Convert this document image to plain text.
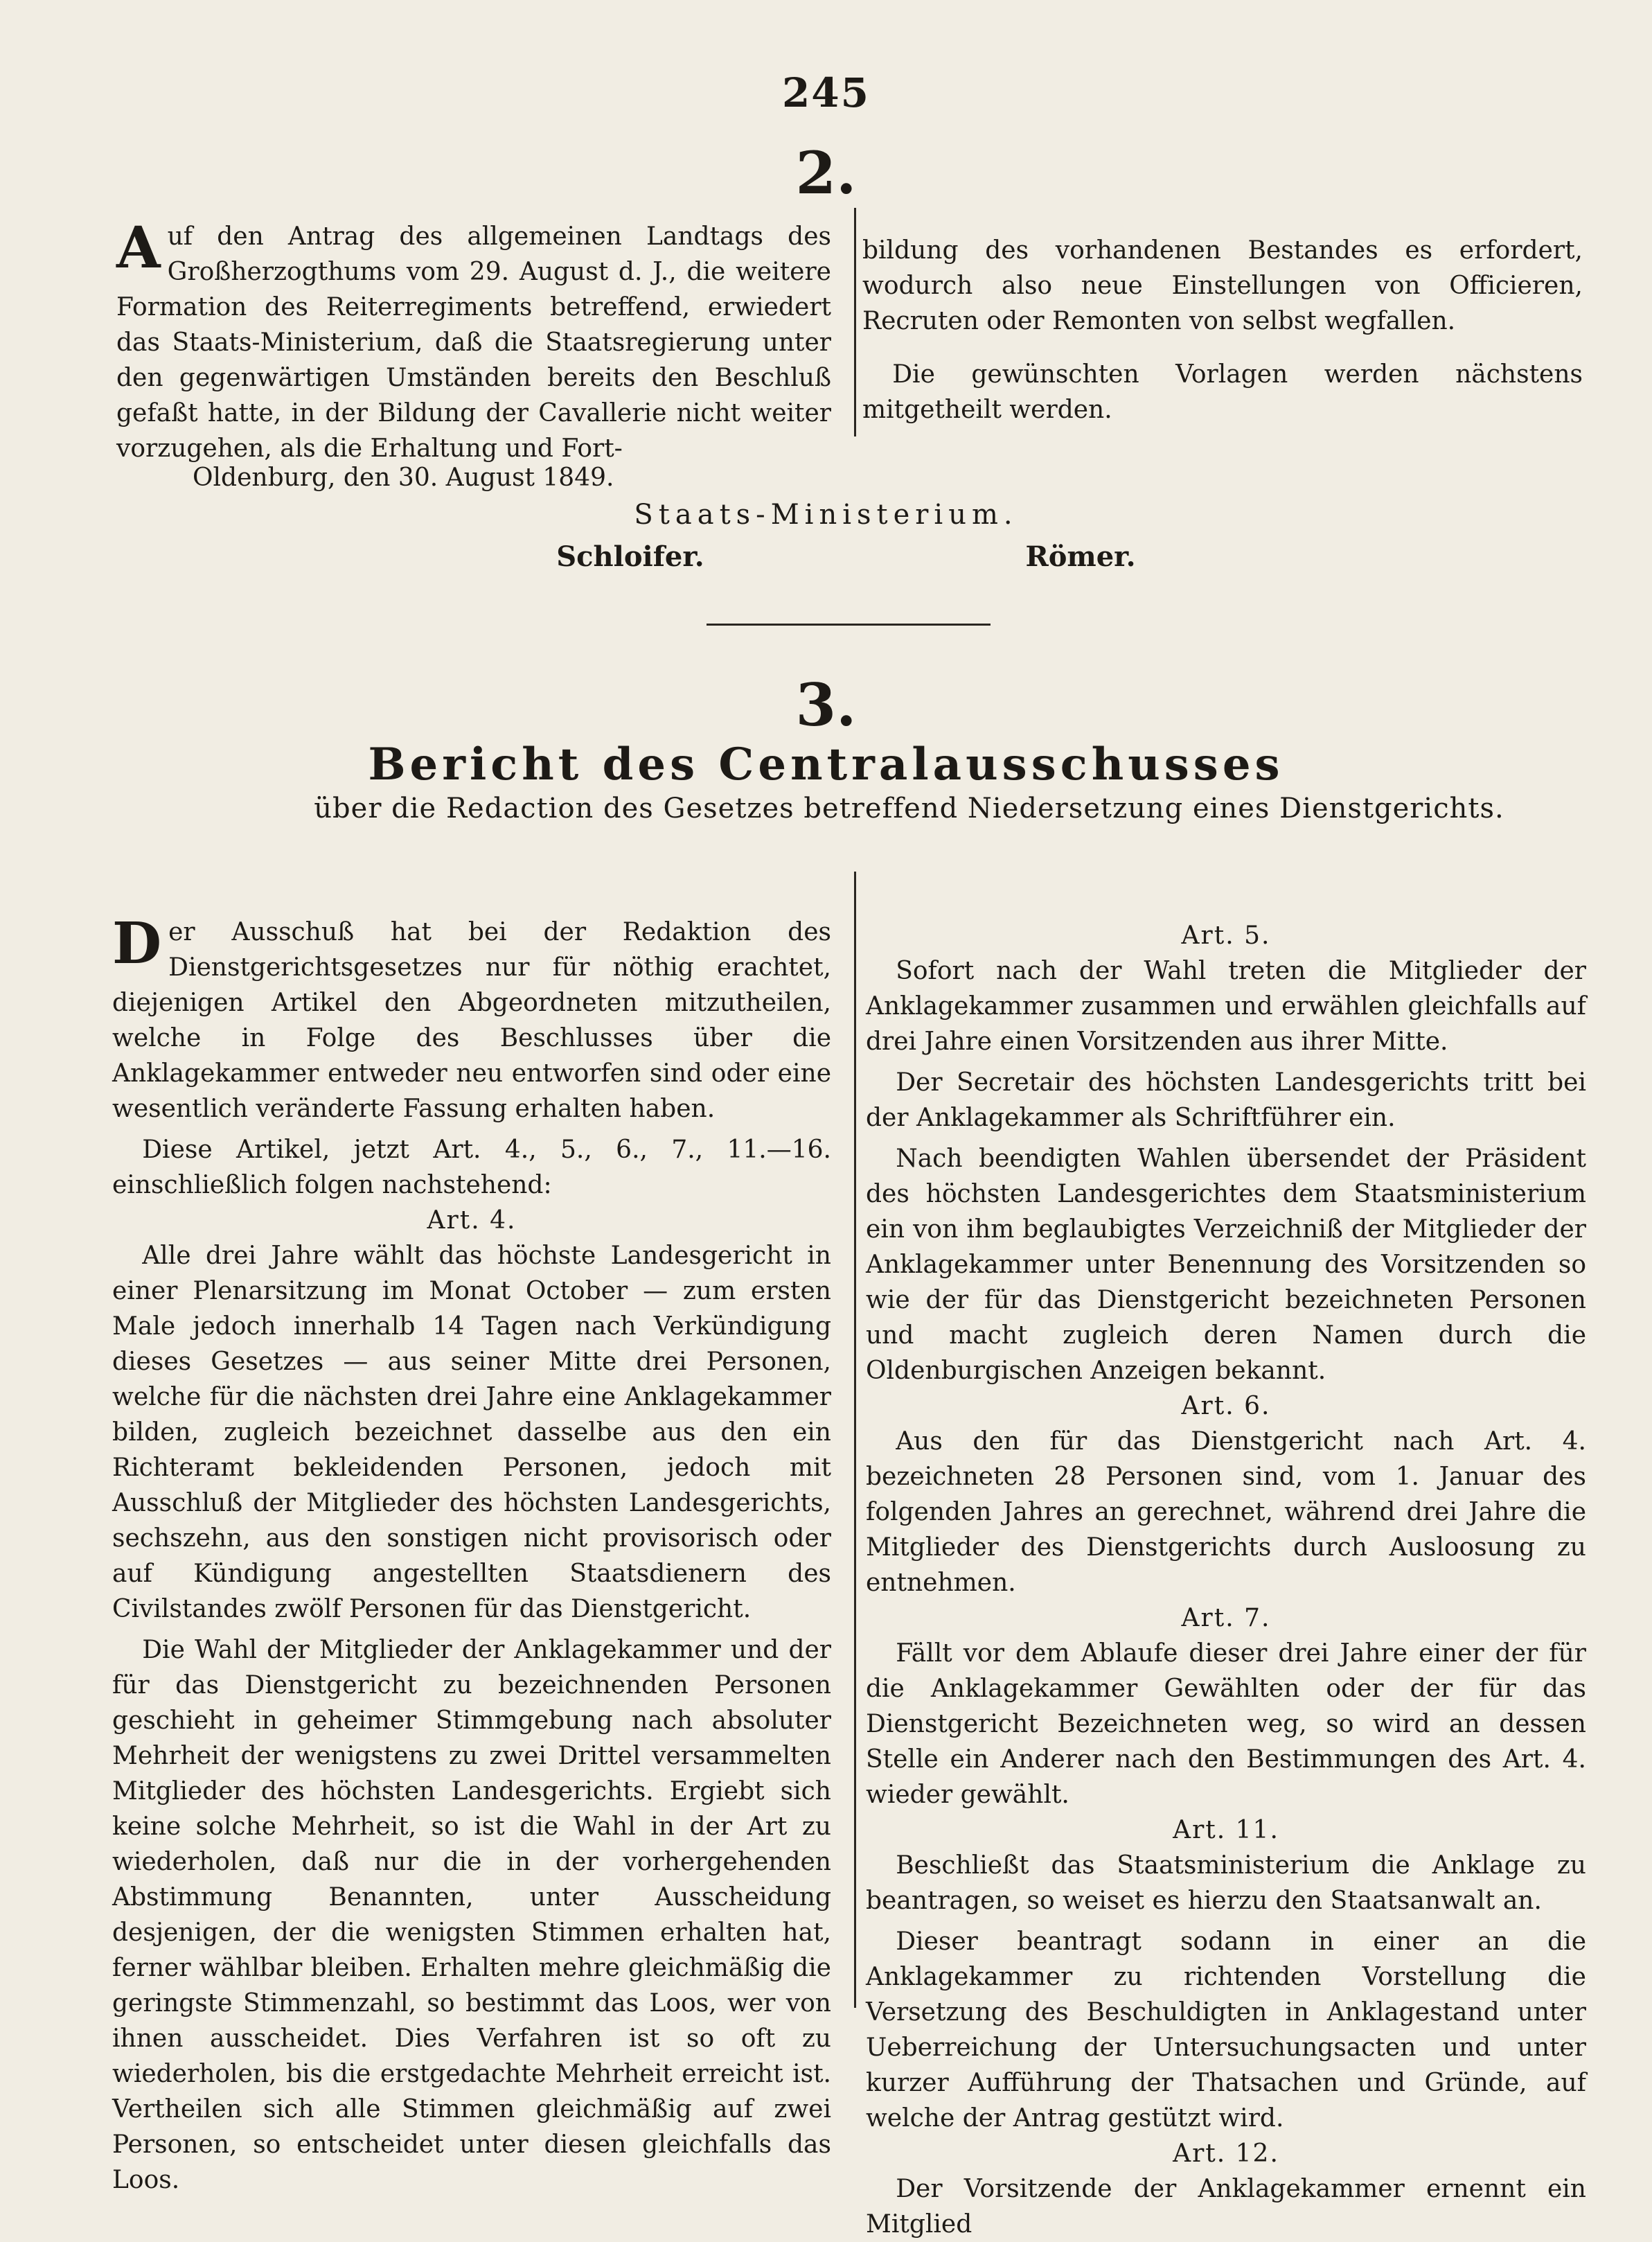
245
2.

Auf den Antrag des allgemeinen Landtags des Großherzogthums vom 29. August d. J., die weitere Formation des Reiterregiments betreffend, erwiedert das Staats-Ministerium, daß die Staatsregierung unter den gegenwärtigen Umständen bereits den Beschluß gefaßt hatte, in der Bildung der Cavallerie nicht weiter vorzugehen, als die Erhaltung und Fort-

bildung des vorhandenen Bestandes es erfordert, wodurch also neue Einstellungen von Officieren, Recruten oder Remonten von selbst wegfallen.

Die gewünschten Vorlagen werden nächstens mitgetheilt werden.

Oldenburg, den 30. August 1849.

Staats-Ministerium.
Schloifer.	Römer.
3.
Bericht des Centralausschusses
über die Redaction des Gesetzes betreffend Niedersetzung eines Dienstgerichts.

Der Ausschuß hat bei der Redaktion des Dienstgerichtsgesetzes nur für nöthig erachtet, diejenigen Artikel den Abgeordneten mitzutheilen, welche in Folge des Beschlusses über die Anklagekammer entweder neu entworfen sind oder eine wesentlich veränderte Fassung erhalten haben.

Diese Artikel, jetzt Art. 4., 5., 6., 7., 11.—16. einschließlich folgen nachstehend:

Art. 4.

Alle drei Jahre wählt das höchste Landesgericht in einer Plenarsitzung im Monat October — zum ersten Male jedoch innerhalb 14 Tagen nach Verkündigung dieses Gesetzes — aus seiner Mitte drei Personen, welche für die nächsten drei Jahre eine Anklagekammer bilden, zugleich bezeichnet dasselbe aus den ein Richteramt bekleidenden Personen, jedoch mit Ausschluß der Mitglieder des höchsten Landesgerichts, sechszehn, aus den sonstigen nicht provisorisch oder auf Kündigung angestellten Staatsdienern des Civilstandes zwölf Personen für das Dienstgericht.

Die Wahl der Mitglieder der Anklagekammer und der für das Dienstgericht zu bezeichnenden Personen geschieht in geheimer Stimmgebung nach absoluter Mehrheit der wenigstens zu zwei Drittel versammelten Mitglieder des höchsten Landesgerichts. Ergiebt sich keine solche Mehrheit, so ist die Wahl in der Art zu wiederholen, daß nur die in der vorhergehenden Abstimmung Benannten, unter Ausscheidung desjenigen, der die wenigsten Stimmen erhalten hat, ferner wählbar bleiben. Erhalten mehre gleichmäßig die geringste Stimmenzahl, so bestimmt das Loos, wer von ihnen ausscheidet. Dies Verfahren ist so oft zu wiederholen, bis die erstgedachte Mehrheit erreicht ist. Vertheilen sich alle Stimmen gleichmäßig auf zwei Personen, so entscheidet unter diesen gleichfalls das Loos.

Art. 5.

Sofort nach der Wahl treten die Mitglieder der Anklagekammer zusammen und erwählen gleichfalls auf drei Jahre einen Vorsitzenden aus ihrer Mitte.

Der Secretair des höchsten Landesgerichts tritt bei der Anklagekammer als Schriftführer ein.

Nach beendigten Wahlen übersendet der Präsident des höchsten Landesgerichtes dem Staatsministerium ein von ihm beglaubigtes Verzeichniß der Mitglieder der Anklagekammer unter Benennung des Vorsitzenden so wie der für das Dienstgericht bezeichneten Personen und macht zugleich deren Namen durch die Oldenburgischen Anzeigen bekannt.

Art. 6.

Aus den für das Dienstgericht nach Art. 4. bezeichneten 28 Personen sind, vom 1. Januar des folgenden Jahres an gerechnet, während drei Jahre die Mitglieder des Dienstgerichts durch Ausloosung zu entnehmen.

Art. 7.

Fällt vor dem Ablaufe dieser drei Jahre einer der für die Anklagekammer Gewählten oder der für das Dienstgericht Bezeichneten weg, so wird an dessen Stelle ein Anderer nach den Bestimmungen des Art. 4. wieder gewählt.

Art. 11.

Beschließt das Staatsministerium die Anklage zu beantragen, so weiset es hierzu den Staatsanwalt an.

Dieser beantragt sodann in einer an die Anklagekammer zu richtenden Vorstellung die Versetzung des Beschuldigten in Anklagestand unter Ueberreichung der Untersuchungsacten und unter kurzer Aufführung der Thatsachen und Gründe, auf welche der Antrag gestützt wird.

Art. 12.

Der Vorsitzende der Anklagekammer ernennt ein Mitglied
